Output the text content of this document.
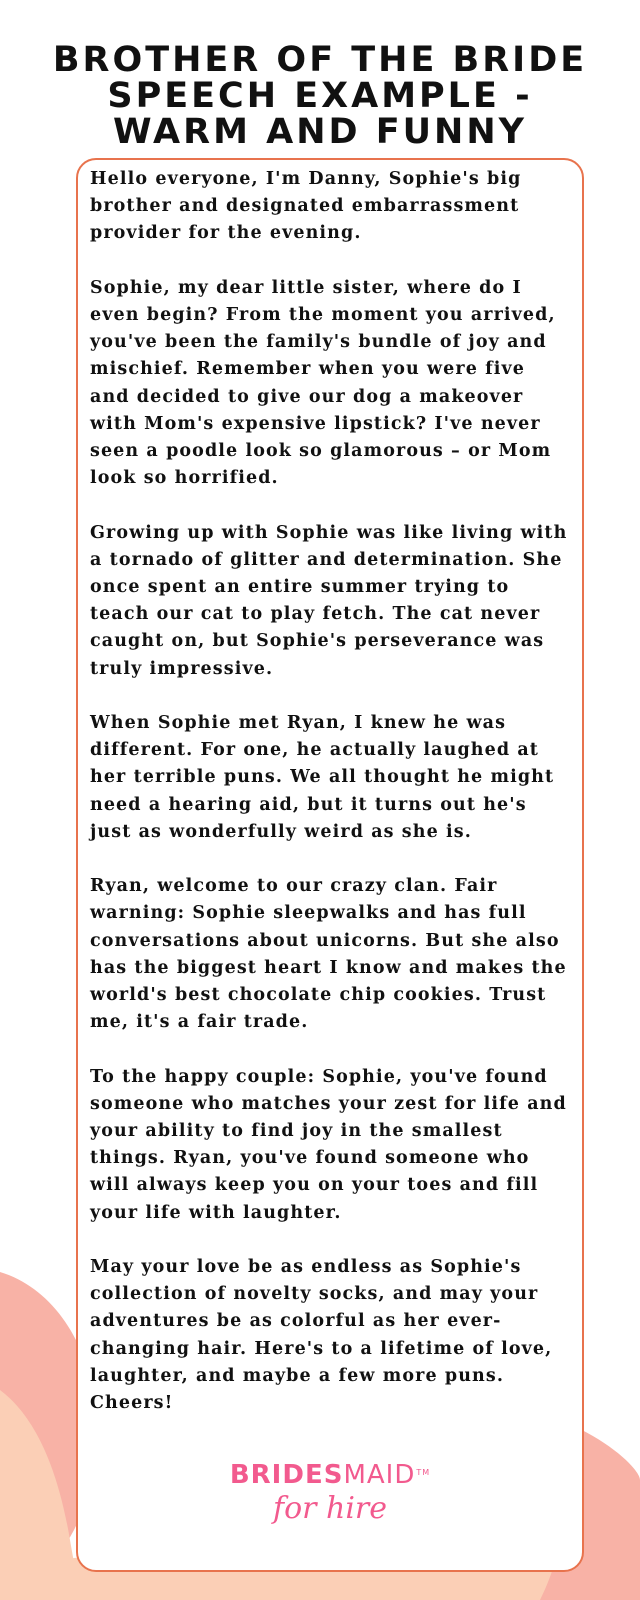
BROTHER OF THE BRIDE SPEECH EXAMPLE - WARM AND FUNNY

Hello everyone, I'm Danny, Sophie's big brother and designated embarrassment provider for the evening.

Sophie, my dear little sister, where do I even begin? From the moment you arrived, you've been the family's bundle of joy and mischief. Remember when you were five and decided to give our dog a makeover with Mom's expensive lipstick? I've never seen a poodle look so glamorous – or Mom look so horrified.

Growing up with Sophie was like living with a tornado of glitter and determination. She once spent an entire summer trying to teach our cat to play fetch. The cat never caught on, but Sophie's perseverance was truly impressive.

When Sophie met Ryan, I knew he was different. For one, he actually laughed at her terrible puns. We all thought he might need a hearing aid, but it turns out he's just as wonderfully weird as she is.

Ryan, welcome to our crazy clan. Fair warning: Sophie sleepwalks and has full conversations about unicorns. But she also has the biggest heart I know and makes the world's best chocolate chip cookies. Trust me, it's a fair trade.

To the happy couple: Sophie, you've found someone who matches your zest for life and your ability to find joy in the smallest things. Ryan, you've found someone who will always keep you on your toes and fill your life with laughter.

May your love be as endless as Sophie's collection of novelty socks, and may your adventures be as colorful as her ever-changing hair. Here's to a lifetime of love, laughter, and maybe a few more puns. Cheers!

BRIDESMAID™
for hire
